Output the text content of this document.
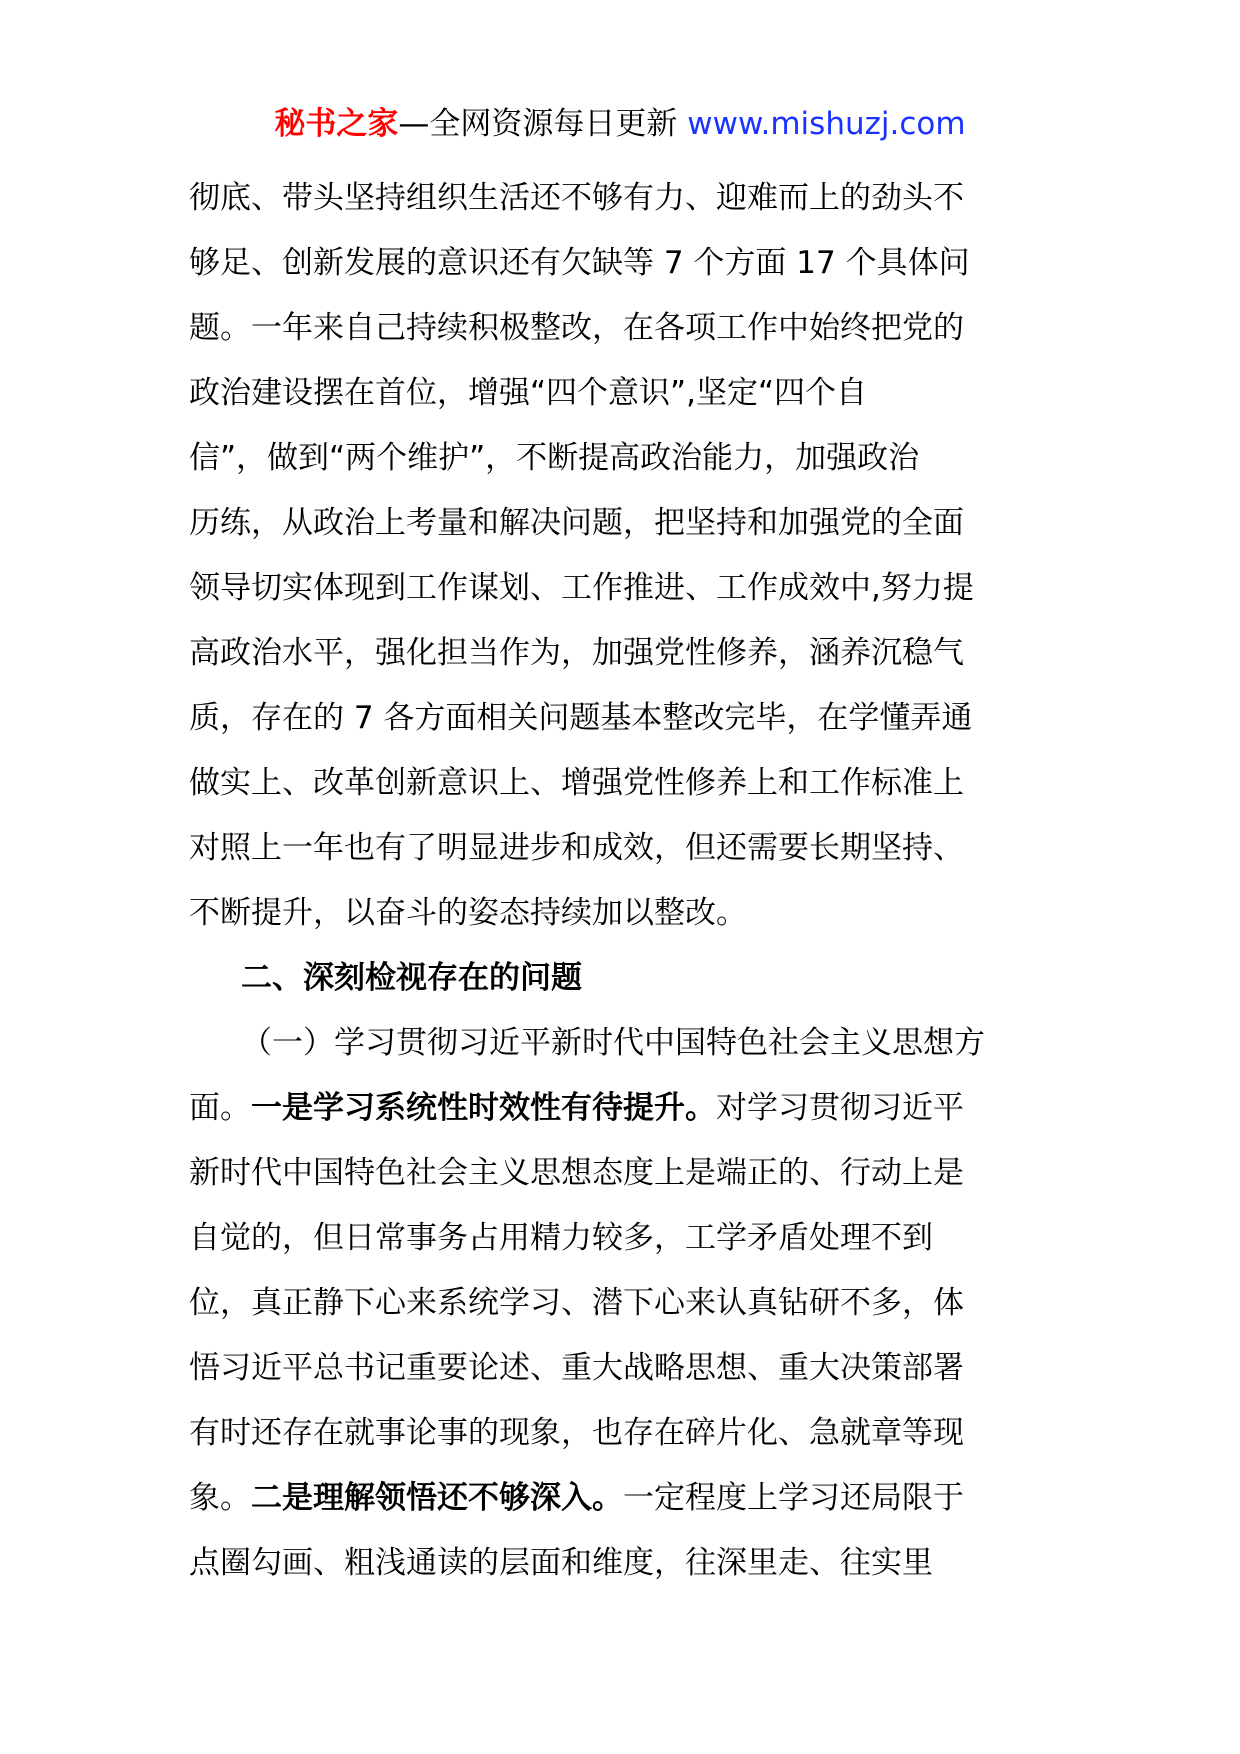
秘书之家—全网资源每日更新 www.mishuzj.com
彻底、带头坚持组织生活还不够有力、迎难而上的劲头不
够足、创新发展的意识还有欠缺等 7 个方面 17 个具体问
题。一年来自己持续积极整改，在各项工作中始终把党的
政治建设摆在首位，增强“四个意识”,坚定“四个自
信”，做到“两个维护”，不断提高政治能力，加强政治
历练，从政治上考量和解决问题，把坚持和加强党的全面
领导切实体现到工作谋划、工作推进、工作成效中,努力提
高政治水平，强化担当作为，加强党性修养，涵养沉稳气
质，存在的 7 各方面相关问题基本整改完毕，在学懂弄通
做实上、改革创新意识上、增强党性修养上和工作标准上
对照上一年也有了明显进步和成效，但还需要长期坚持、
不断提升，以奋斗的姿态持续加以整改。
二、深刻检视存在的问题
（一）学习贯彻习近平新时代中国特色社会主义思想方
面。一是学习系统性时效性有待提升。对学习贯彻习近平
新时代中国特色社会主义思想态度上是端正的、行动上是
自觉的，但日常事务占用精力较多，工学矛盾处理不到
位，真正静下心来系统学习、潜下心来认真钻研不多，体
悟习近平总书记重要论述、重大战略思想、重大决策部署
有时还存在就事论事的现象，也存在碎片化、急就章等现
象。二是理解领悟还不够深入。一定程度上学习还局限于
点圈勾画、粗浅通读的层面和维度，往深里走、往实里
